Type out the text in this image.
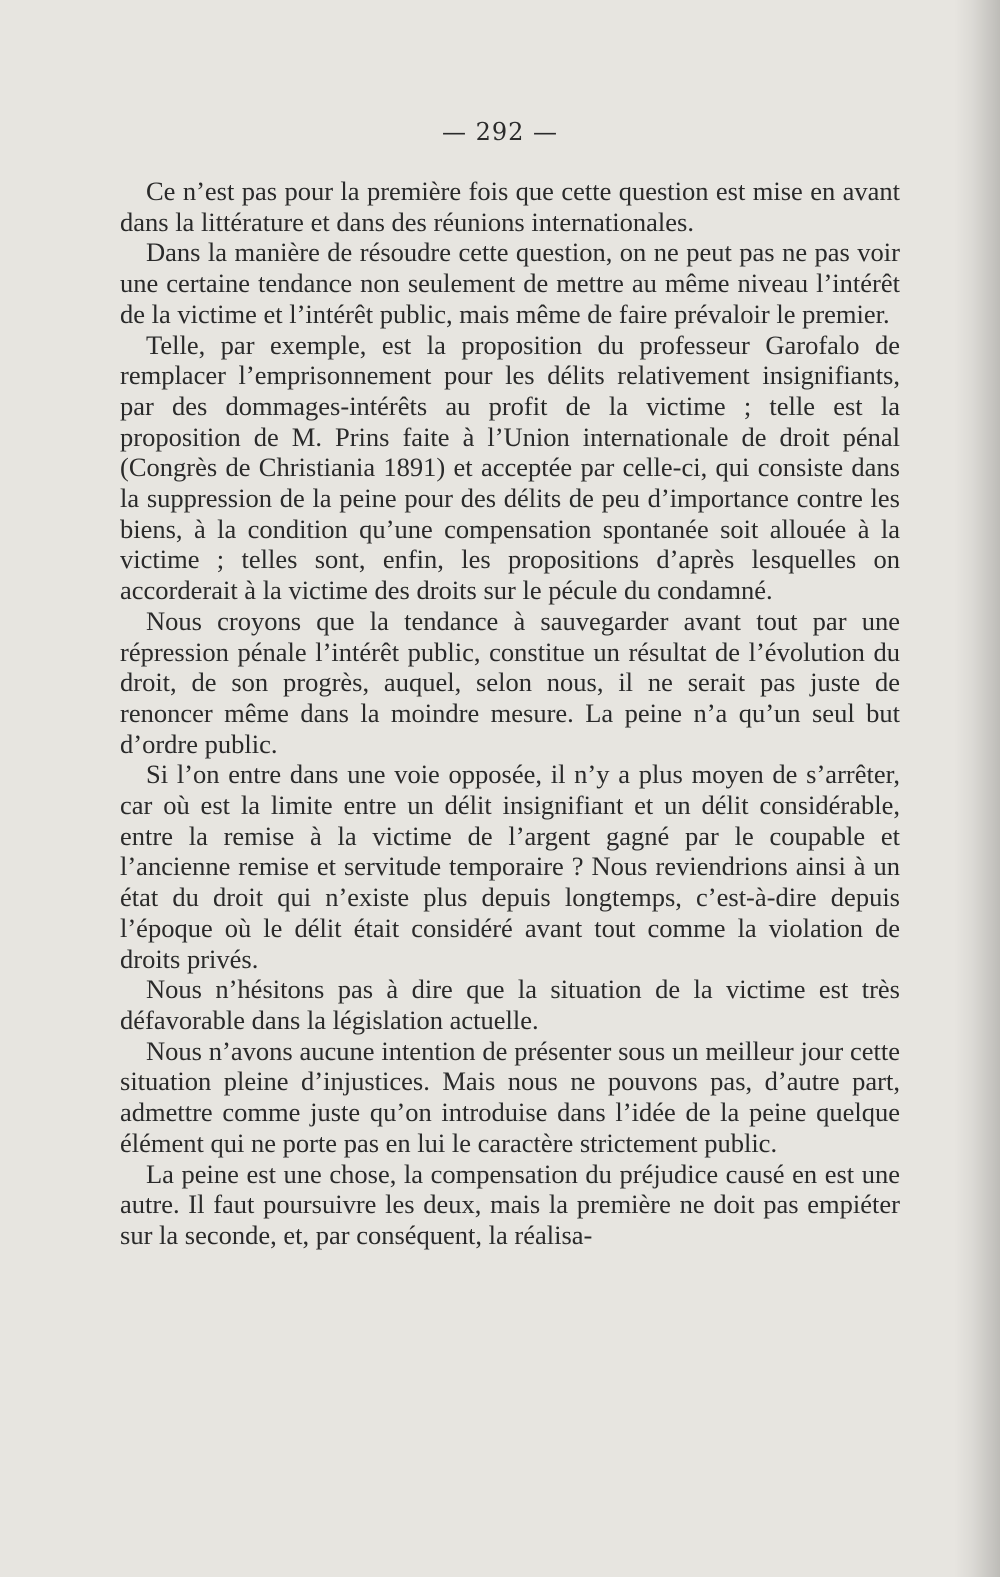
— 292 —

Ce n’est pas pour la première fois que cette question est mise en avant dans la littérature et dans des réunions internationales.

Dans la manière de résoudre cette question, on ne peut pas ne pas voir une certaine tendance non seulement de mettre au même niveau l’intérêt de la victime et l’intérêt public, mais même de faire prévaloir le premier.

Telle, par exemple, est la proposition du professeur Garofalo de remplacer l’emprisonnement pour les délits relativement insignifiants, par des dommages-intérêts au profit de la victime ; telle est la proposition de M. Prins faite à l’Union internationale de droit pénal (Congrès de Christiania 1891) et acceptée par celle-ci, qui consiste dans la suppression de la peine pour des délits de peu d’importance contre les biens, à la condition qu’une compensation spontanée soit allouée à la victime ; telles sont, enfin, les propositions d’après lesquelles on accorderait à la victime des droits sur le pécule du condamné.

Nous croyons que la tendance à sauvegarder avant tout par une répression pénale l’intérêt public, constitue un résultat de l’évolution du droit, de son progrès, auquel, selon nous, il ne serait pas juste de renoncer même dans la moindre mesure. La peine n’a qu’un seul but d’ordre public.

Si l’on entre dans une voie opposée, il n’y a plus moyen de s’arrêter, car où est la limite entre un délit insignifiant et un délit considérable, entre la remise à la victime de l’argent gagné par le coupable et l’ancienne remise et servitude temporaire ? Nous reviendrions ainsi à un état du droit qui n’existe plus depuis longtemps, c’est-à-dire depuis l’époque où le délit était considéré avant tout comme la violation de droits privés.

Nous n’hésitons pas à dire que la situation de la victime est très défavorable dans la législation actuelle.

Nous n’avons aucune intention de présenter sous un meilleur jour cette situation pleine d’injustices. Mais nous ne pouvons pas, d’autre part, admettre comme juste qu’on introduise dans l’idée de la peine quelque élément qui ne porte pas en lui le caractère strictement public.

La peine est une chose, la compensation du préjudice causé en est une autre. Il faut poursuivre les deux, mais la première ne doit pas empiéter sur la seconde, et, par conséquent, la réalisa-
